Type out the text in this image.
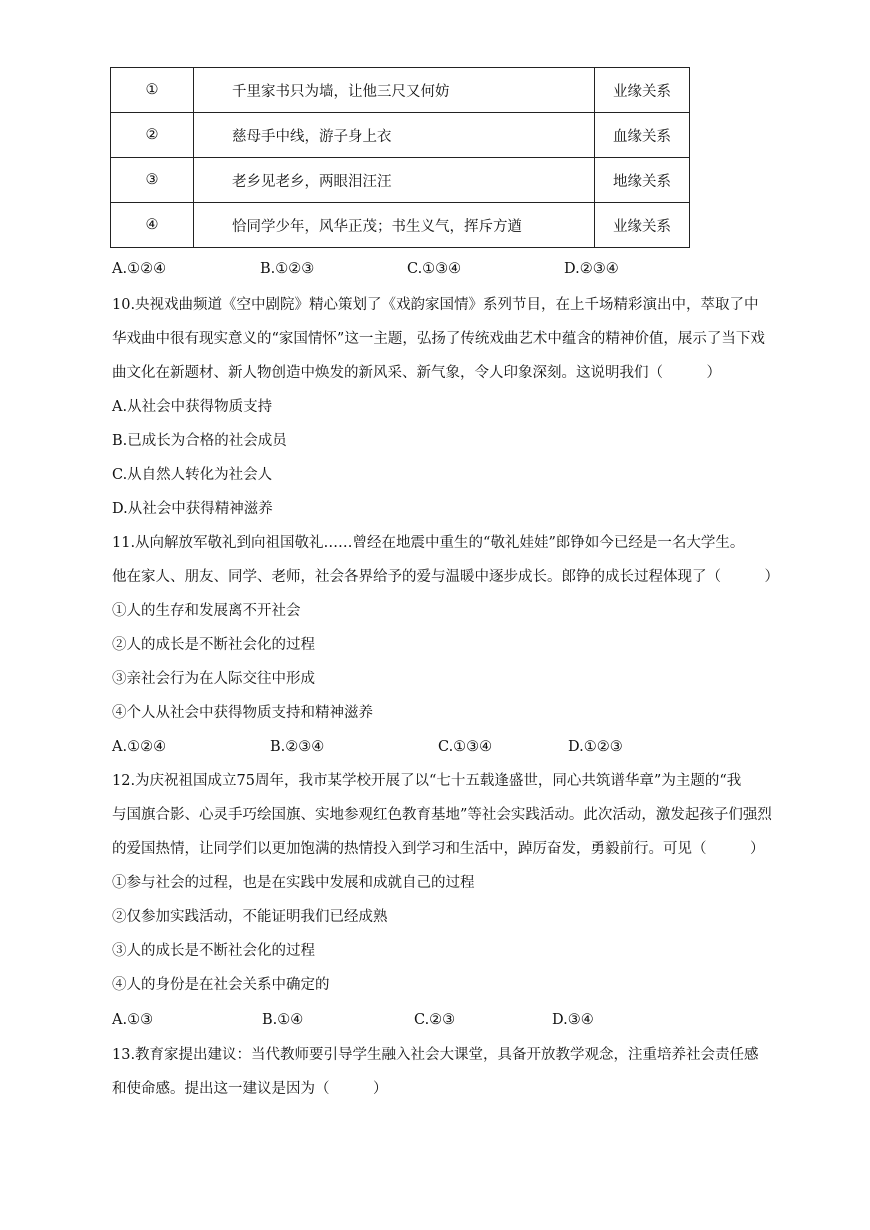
①	千里家书只为墙，让他三尺又何妨	业缘关系
②	慈母手中线，游子身上衣	血缘关系
③	老乡见老乡，两眼泪汪汪	地缘关系
④	恰同学少年，风华正茂；书生义气，挥斥方遒	业缘关系
A.①②④	B.①②③	C.①③④	D.②③④
10.央视戏曲频道《空中剧院》精心策划了《戏韵家国情》系列节目，在上千场精彩演出中，萃取了中
华戏曲中很有现实意义的“家国情怀”这一主题，弘扬了传统戏曲艺术中蕴含的精神价值，展示了当下戏
曲文化在新题材、新人物创造中焕发的新风采、新气象，令人印象深刻。这说明我们（　　　）
A.从社会中获得物质支持
B.已成长为合格的社会成员
C.从自然人转化为社会人
D.从社会中获得精神滋养
11.从向解放军敬礼到向祖国敬礼……曾经在地震中重生的“敬礼娃娃”郎铮如今已经是一名大学生。
他在家人、朋友、同学、老师，社会各界给予的爱与温暖中逐步成长。郎铮的成长过程体现了（　　　）
①人的生存和发展离不开社会
②人的成长是不断社会化的过程
③亲社会行为在人际交往中形成
④个人从社会中获得物质支持和精神滋养
A.①②④	B.②③④	C.①③④	D.①②③
12.为庆祝祖国成立75周年，我市某学校开展了以“七十五载逢盛世，同心共筑谱华章”为主题的“我
与国旗合影、心灵手巧绘国旗、实地参观红色教育基地”等社会实践活动。此次活动，激发起孩子们强烈
的爱国热情，让同学们以更加饱满的热情投入到学习和生活中，踔厉奋发，勇毅前行。可见（　　　）
①参与社会的过程，也是在实践中发展和成就自己的过程
②仅参加实践活动，不能证明我们已经成熟
③人的成长是不断社会化的过程
④人的身份是在社会关系中确定的
A.①③	B.①④	C.②③	D.③④
13.教育家提出建议：当代教师要引导学生融入社会大课堂，具备开放教学观念，注重培养社会责任感
和使命感。提出这一建议是因为（　　　）
